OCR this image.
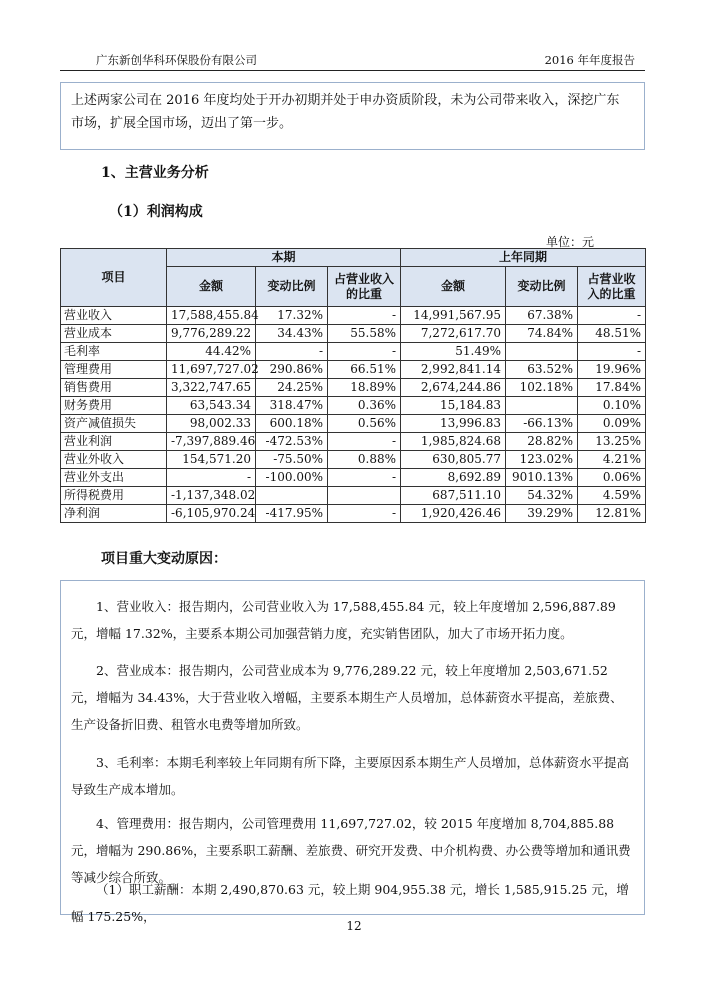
广东新创华科环保股份有限公司	2016 年年度报告

上述两家公司在 2016 年度均处于开办初期并处于申办资质阶段，未为公司带来收入，深挖广东市场，扩展全国市场，迈出了第一步。

1、主营业务分析
（1）利润构成
单位：元
项目	本期			上年同期		
	金额	变动比例	占营业收入的比重	金额	变动比例	占营业收入的比重
营业收入	17,588,455.84	17.32%	-	14,991,567.95	67.38%	-
营业成本	9,776,289.22	34.43%	55.58%	7,272,617.70	74.84%	48.51%
毛利率	44.42%	-	-	51.49%		-
管理费用	11,697,727.02	290.86%	66.51%	2,992,841.14	63.52%	19.96%
销售费用	3,322,747.65	24.25%	18.89%	2,674,244.86	102.18%	17.84%
财务费用	63,543.34	318.47%	0.36%	15,184.83		0.10%
资产减值损失	98,002.33	600.18%	0.56%	13,996.83	-66.13%	0.09%
营业利润	-7,397,889.46	-472.53%	-	1,985,824.68	28.82%	13.25%
营业外收入	154,571.20	-75.50%	0.88%	630,805.77	123.02%	4.21%
营业外支出	-	-100.00%	-	8,692.89	9010.13%	0.06%
所得税费用	-1,137,348.02			687,511.10	54.32%	4.59%
净利润	-6,105,970.24	-417.95%	-	1,920,426.46	39.29%	12.81%
项目重大变动原因：
1、营业收入：报告期内，公司营业收入为 17,588,455.84 元，较上年度增加 2,596,887.89 元，增幅 17.32%，主要系本期公司加强营销力度，充实销售团队，加大了市场开拓力度。
2、营业成本：报告期内，公司营业成本为 9,776,289.22 元，较上年度增加 2,503,671.52 元，增幅为 34.43%，大于营业收入增幅，主要系本期生产人员增加，总体薪资水平提高，差旅费、生产设备折旧费、租管水电费等增加所致。
3、毛利率：本期毛利率较上年同期有所下降，主要原因系本期生产人员增加，总体薪资水平提高导致生产成本增加。
4、管理费用：报告期内，公司管理费用 11,697,727.02，较 2015 年度增加 8,704,885.88 元，增幅为 290.86%，主要系职工薪酬、差旅费、研究开发费、中介机构费、办公费等增加和通讯费等减少综合所致。
（1）职工薪酬：本期 2,490,870.63 元，较上期 904,955.38 元，增长 1,585,915.25 元，增幅 175.25%，
12
